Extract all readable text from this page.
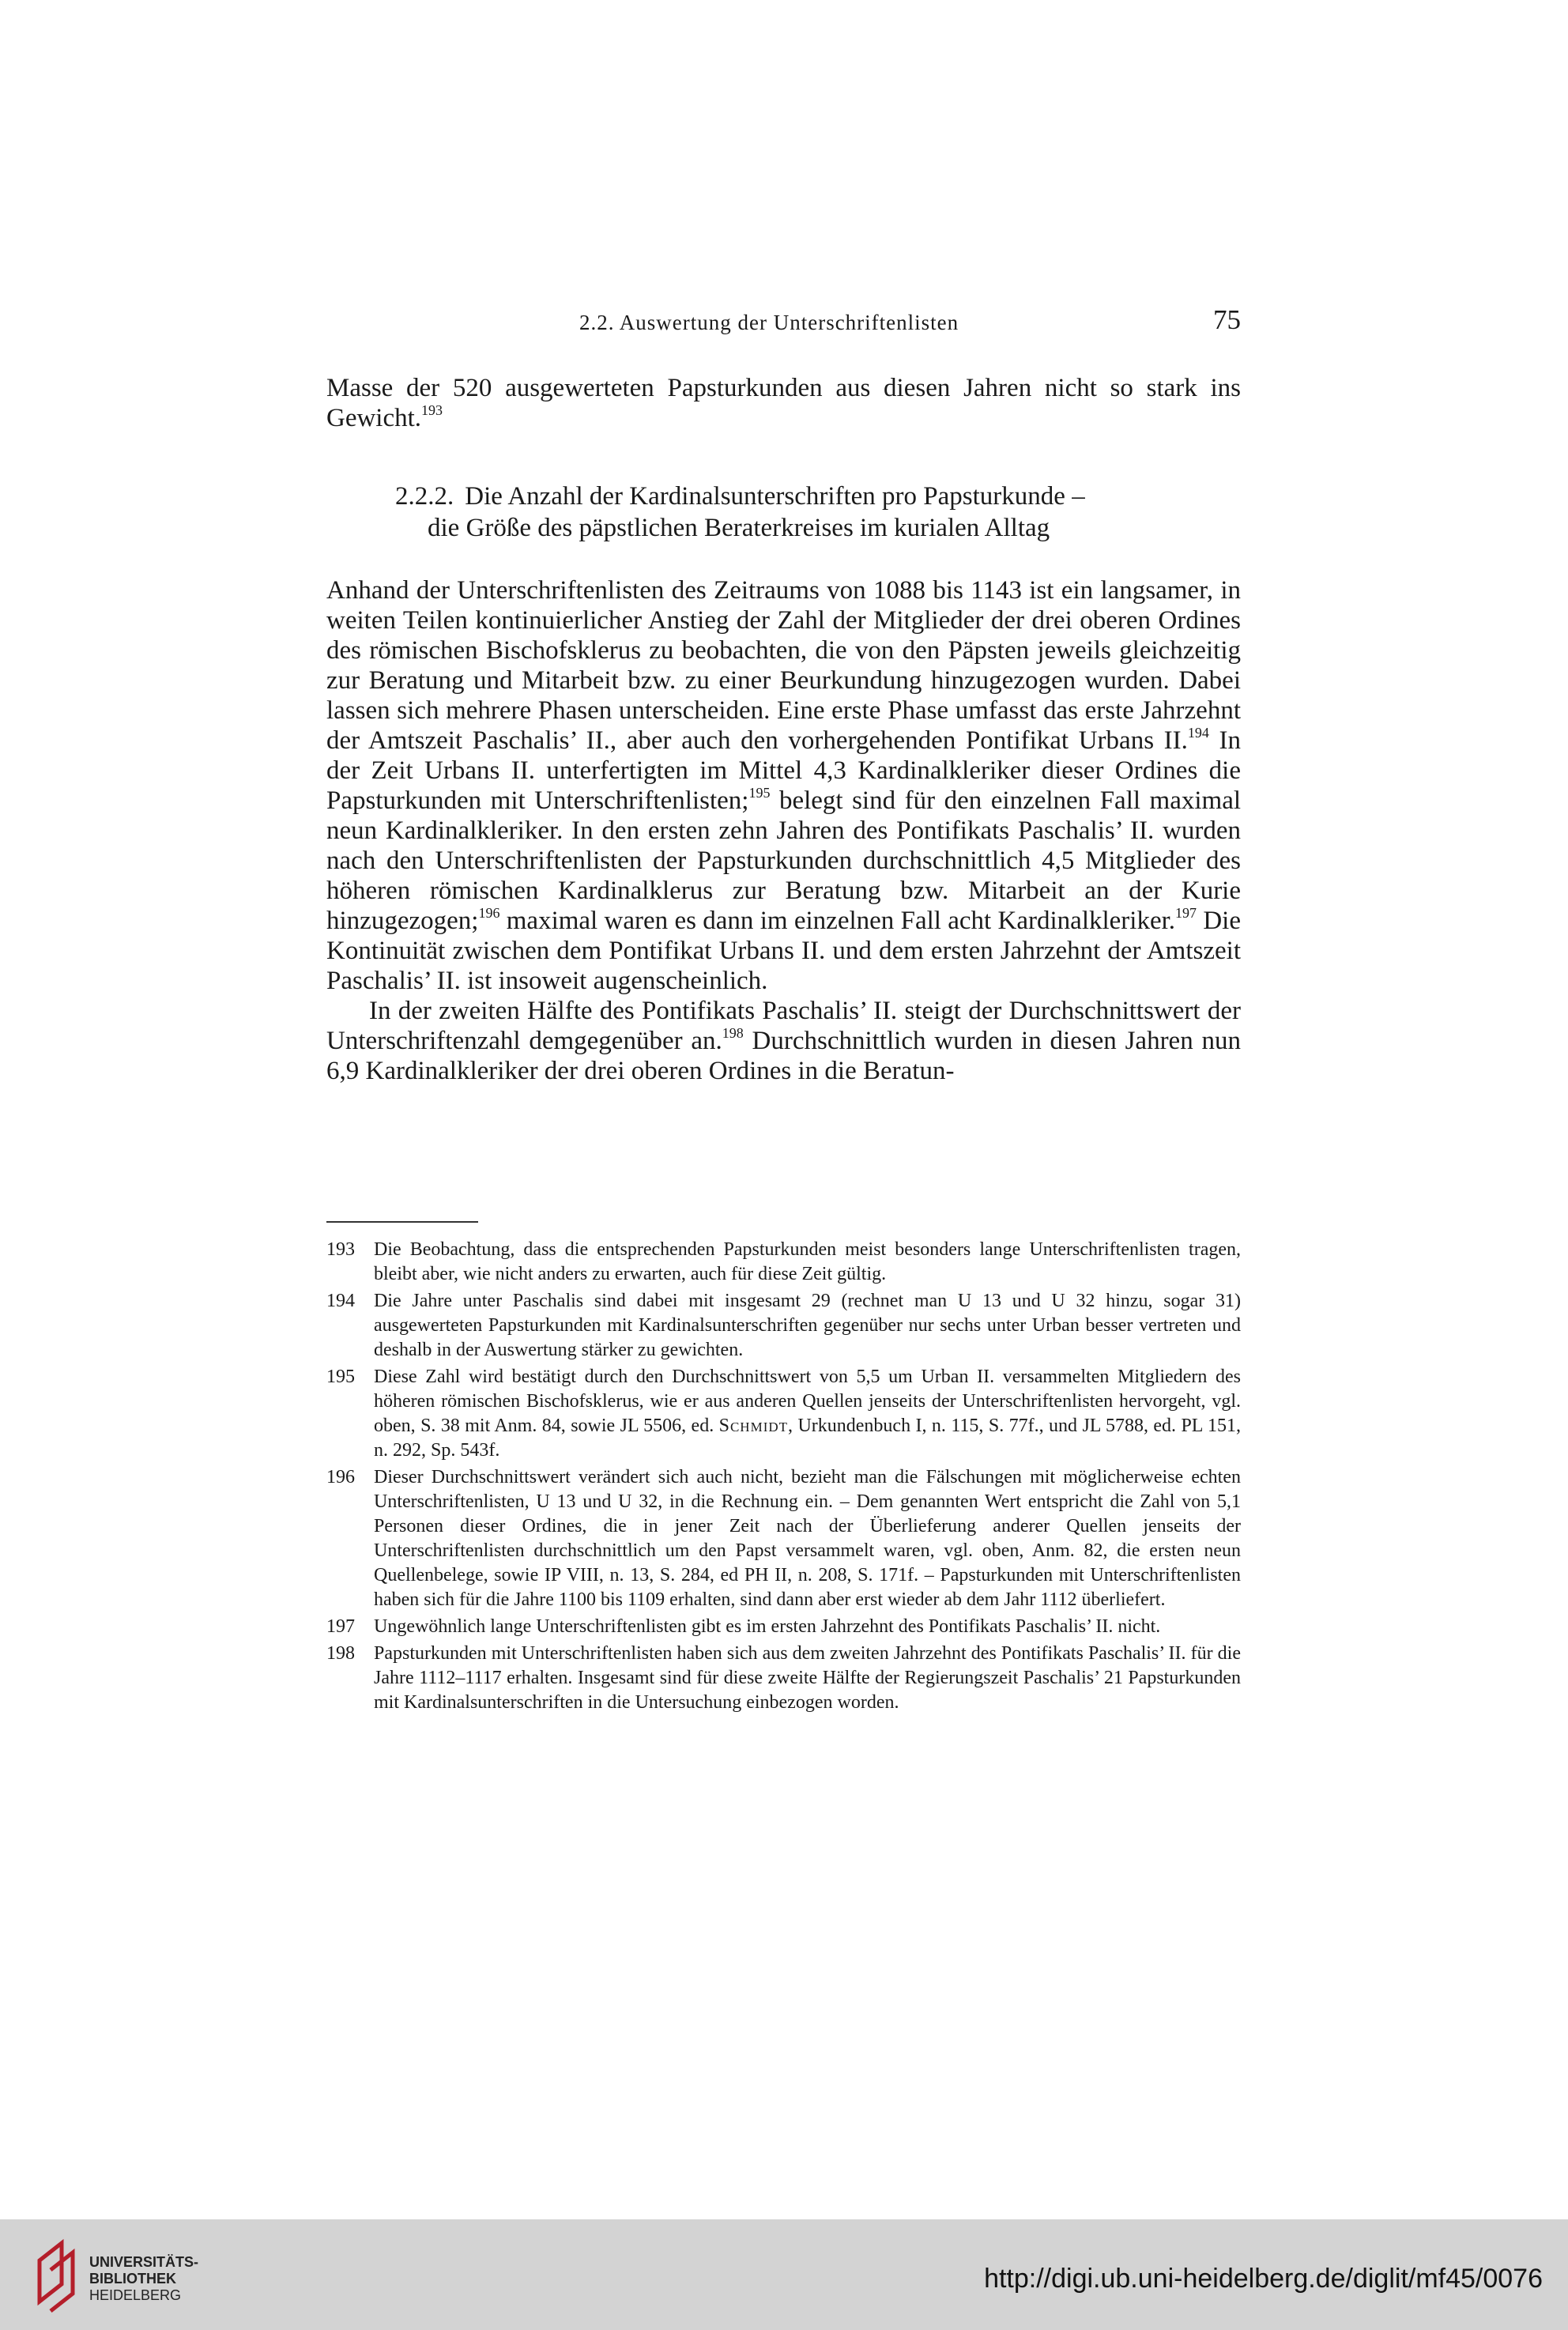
2.2. Auswertung der Unterschriftenlisten	75

Masse der 520 ausgewerteten Papsturkunden aus diesen Jahren nicht so stark ins Gewicht.$^{193}$

2.2.2. Die Anzahl der Kardinalsunterschriften pro Papsturkunde –
die Größe des päpstlichen Beraterkreises im kurialen Alltag

Anhand der Unterschriftenlisten des Zeitraums von 1088 bis 1143 ist ein langsamer, in weiten Teilen kontinuierlicher Anstieg der Zahl der Mitglieder der drei oberen Ordines des römischen Bischofsklerus zu beobachten, die von den Päpsten jeweils gleichzeitig zur Beratung und Mitarbeit bzw. zu einer Beurkundung hinzugezogen wurden. Dabei lassen sich mehrere Phasen unterscheiden. Eine erste Phase umfasst das erste Jahrzehnt der Amtszeit Paschalis’ II., aber auch den vorhergehenden Pontifikat Urbans II.$^{194}$ In der Zeit Urbans II. unterfertigten im Mittel 4,3 Kardinalkleriker dieser Ordines die Papsturkunden mit Unterschriftenlisten;$^{195}$ belegt sind für den einzelnen Fall maximal neun Kardinalkleriker. In den ersten zehn Jahren des Pontifikats Paschalis’ II. wurden nach den Unterschriftenlisten der Papsturkunden durchschnittlich 4,5 Mitglieder des höheren römischen Kardinalklerus zur Beratung bzw. Mitarbeit an der Kurie hinzugezogen;$^{196}$ maximal waren es dann im einzelnen Fall acht Kardinalkleriker.$^{197}$ Die Kontinuität zwischen dem Pontifikat Urbans II. und dem ersten Jahrzehnt der Amtszeit Paschalis’ II. ist insoweit augenscheinlich.

In der zweiten Hälfte des Pontifikats Paschalis’ II. steigt der Durchschnittswert der Unterschriftenzahl demgegenüber an.$^{198}$ Durchschnittlich wurden in diesen Jahren nun 6,9 Kardinalkleriker der drei oberen Ordines in die Beratun-

193 Die Beobachtung, dass die entsprechenden Papsturkunden meist besonders lange Unterschriftenlisten tragen, bleibt aber, wie nicht anders zu erwarten, auch für diese Zeit gültig.

194 Die Jahre unter Paschalis sind dabei mit insgesamt 29 (rechnet man U 13 und U 32 hinzu, sogar 31) ausgewerteten Papsturkunden mit Kardinalsunterschriften gegenüber nur sechs unter Urban besser vertreten und deshalb in der Auswertung stärker zu gewichten.

195 Diese Zahl wird bestätigt durch den Durchschnittswert von 5,5 um Urban II. versammelten Mitgliedern des höheren römischen Bischofsklerus, wie er aus anderen Quellen jenseits der Unterschriftenlisten hervorgeht, vgl. oben, S. 38 mit Anm. 84, sowie JL 5506, ed. Schmidt, Urkundenbuch I, n. 115, S. 77f., und JL 5788, ed. PL 151, n. 292, Sp. 543f.

196 Dieser Durchschnittswert verändert sich auch nicht, bezieht man die Fälschungen mit möglicherweise echten Unterschriftenlisten, U 13 und U 32, in die Rechnung ein. – Dem genannten Wert entspricht die Zahl von 5,1 Personen dieser Ordines, die in jener Zeit nach der Überlieferung anderer Quellen jenseits der Unterschriftenlisten durchschnittlich um den Papst versammelt waren, vgl. oben, Anm. 82, die ersten neun Quellenbelege, sowie IP VIII, n. 13, S. 284, ed PH II, n. 208, S. 171f. – Papsturkunden mit Unterschriftenlisten haben sich für die Jahre 1100 bis 1109 erhalten, sind dann aber erst wieder ab dem Jahr 1112 überliefert.

197 Ungewöhnlich lange Unterschriftenlisten gibt es im ersten Jahrzehnt des Pontifikats Paschalis’ II. nicht.

198 Papsturkunden mit Unterschriftenlisten haben sich aus dem zweiten Jahrzehnt des Pontifikats Paschalis’ II. für die Jahre 1112–1117 erhalten. Insgesamt sind für diese zweite Hälfte der Regierungszeit Paschalis’ 21 Papsturkunden mit Kardinalsunterschriften in die Untersuchung einbezogen worden.

UNIVERSITÄTS-
BIBLIOTHEK
HEIDELBERG
http://digi.ub.uni-heidelberg.de/diglit/mf45/0076
